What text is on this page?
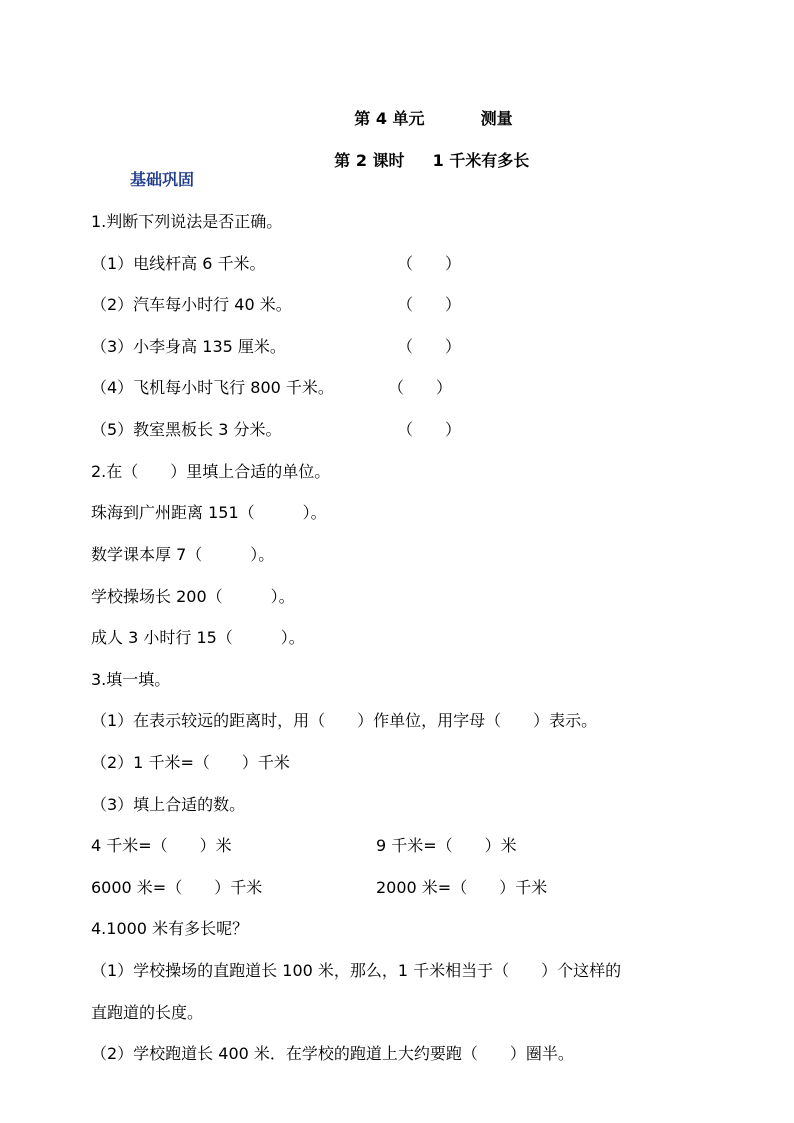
第 4 单元	测量

第 2 课时 1 千米有多长

基础巩固
1.判断下列说法是否正确。
（1）电线杆高 6 千米。	（　　）
（2）汽车每小时行 40 米。	（　　）
（3）小李身高 135 厘米。	（　　）
（4）飞机每小时飞行 800 千米。	（　　）
（5）教室黑板长 3 分米。	（　　）
2.在（　　）里填上合适的单位。
珠海到广州距离 151（　　　）。
数学课本厚 7（　　　）。
学校操场长 200（　　　）。
成人 3 小时行 15（　　　）。
3.填一填。
（1）在表示较远的距离时，用（　　）作单位，用字母（　　）表示。
（2）1 千米=（　　）千米
（3）填上合适的数。
4 千米=（　　）米	9 千米=（　　）米
6000 米=（　　）千米	2000 米=（　　）千米
4.1000 米有多长呢？
（1）学校操场的直跑道长 100 米，那么，1 千米相当于（　　）个这样的
直跑道的长度。
（2）学校跑道长 400 米．在学校的跑道上大约要跑（　　）圈半。
